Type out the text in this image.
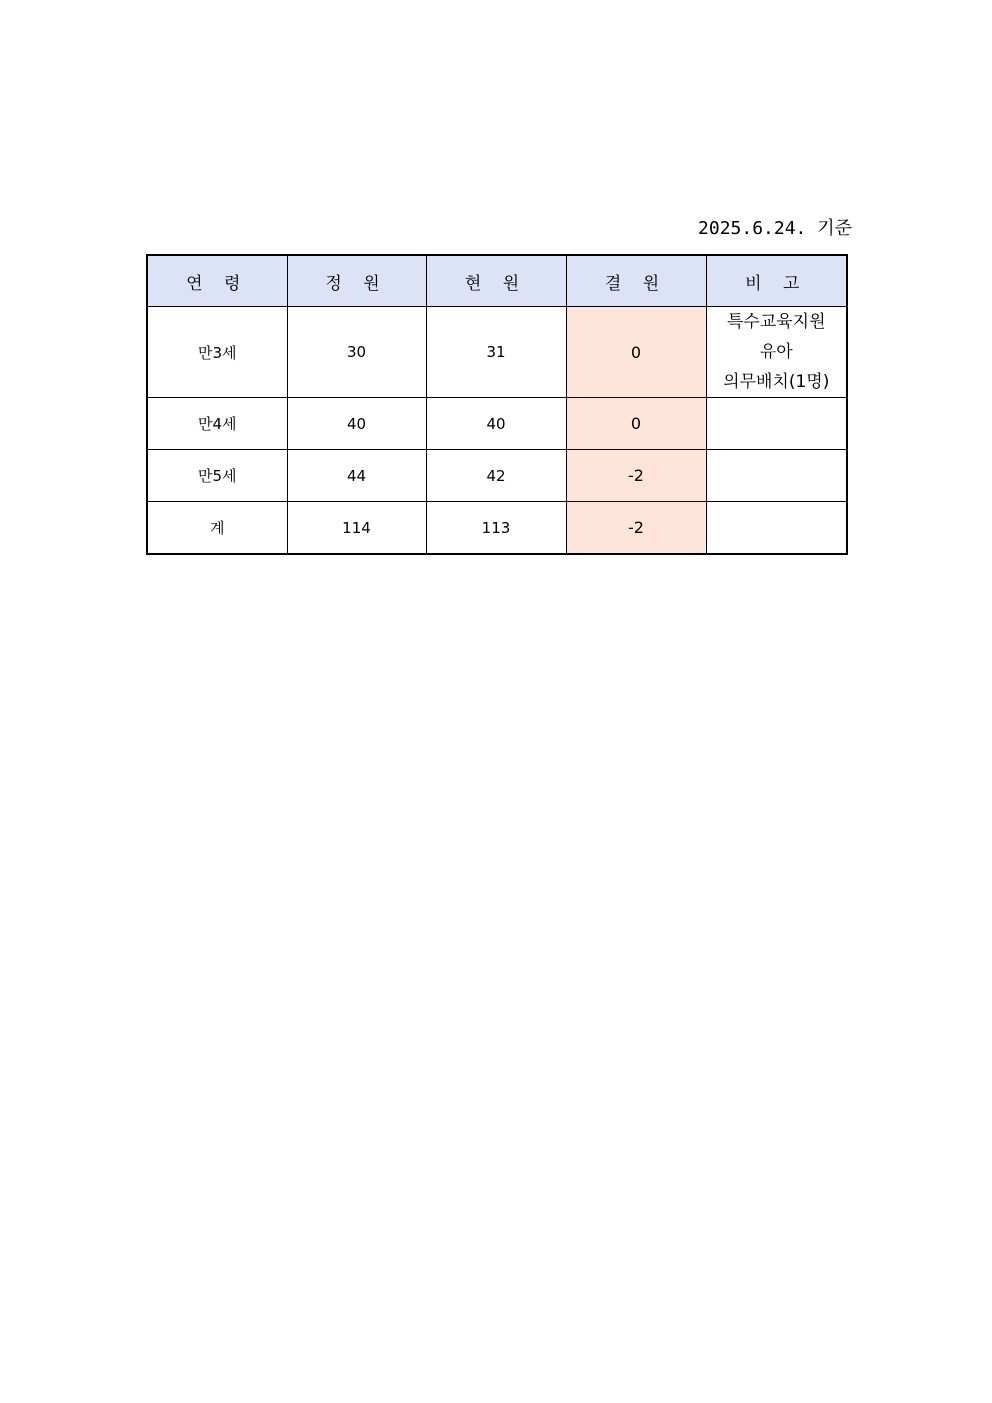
2025.6.24. 기준
연 령	정 원	현 원	결 원	비 고
만3세	30	31	0	특수교육지원
유아
의무배치(1명)

만4세	40	40	0	
만5세	44	42	-2	
계	114	113	-2	
